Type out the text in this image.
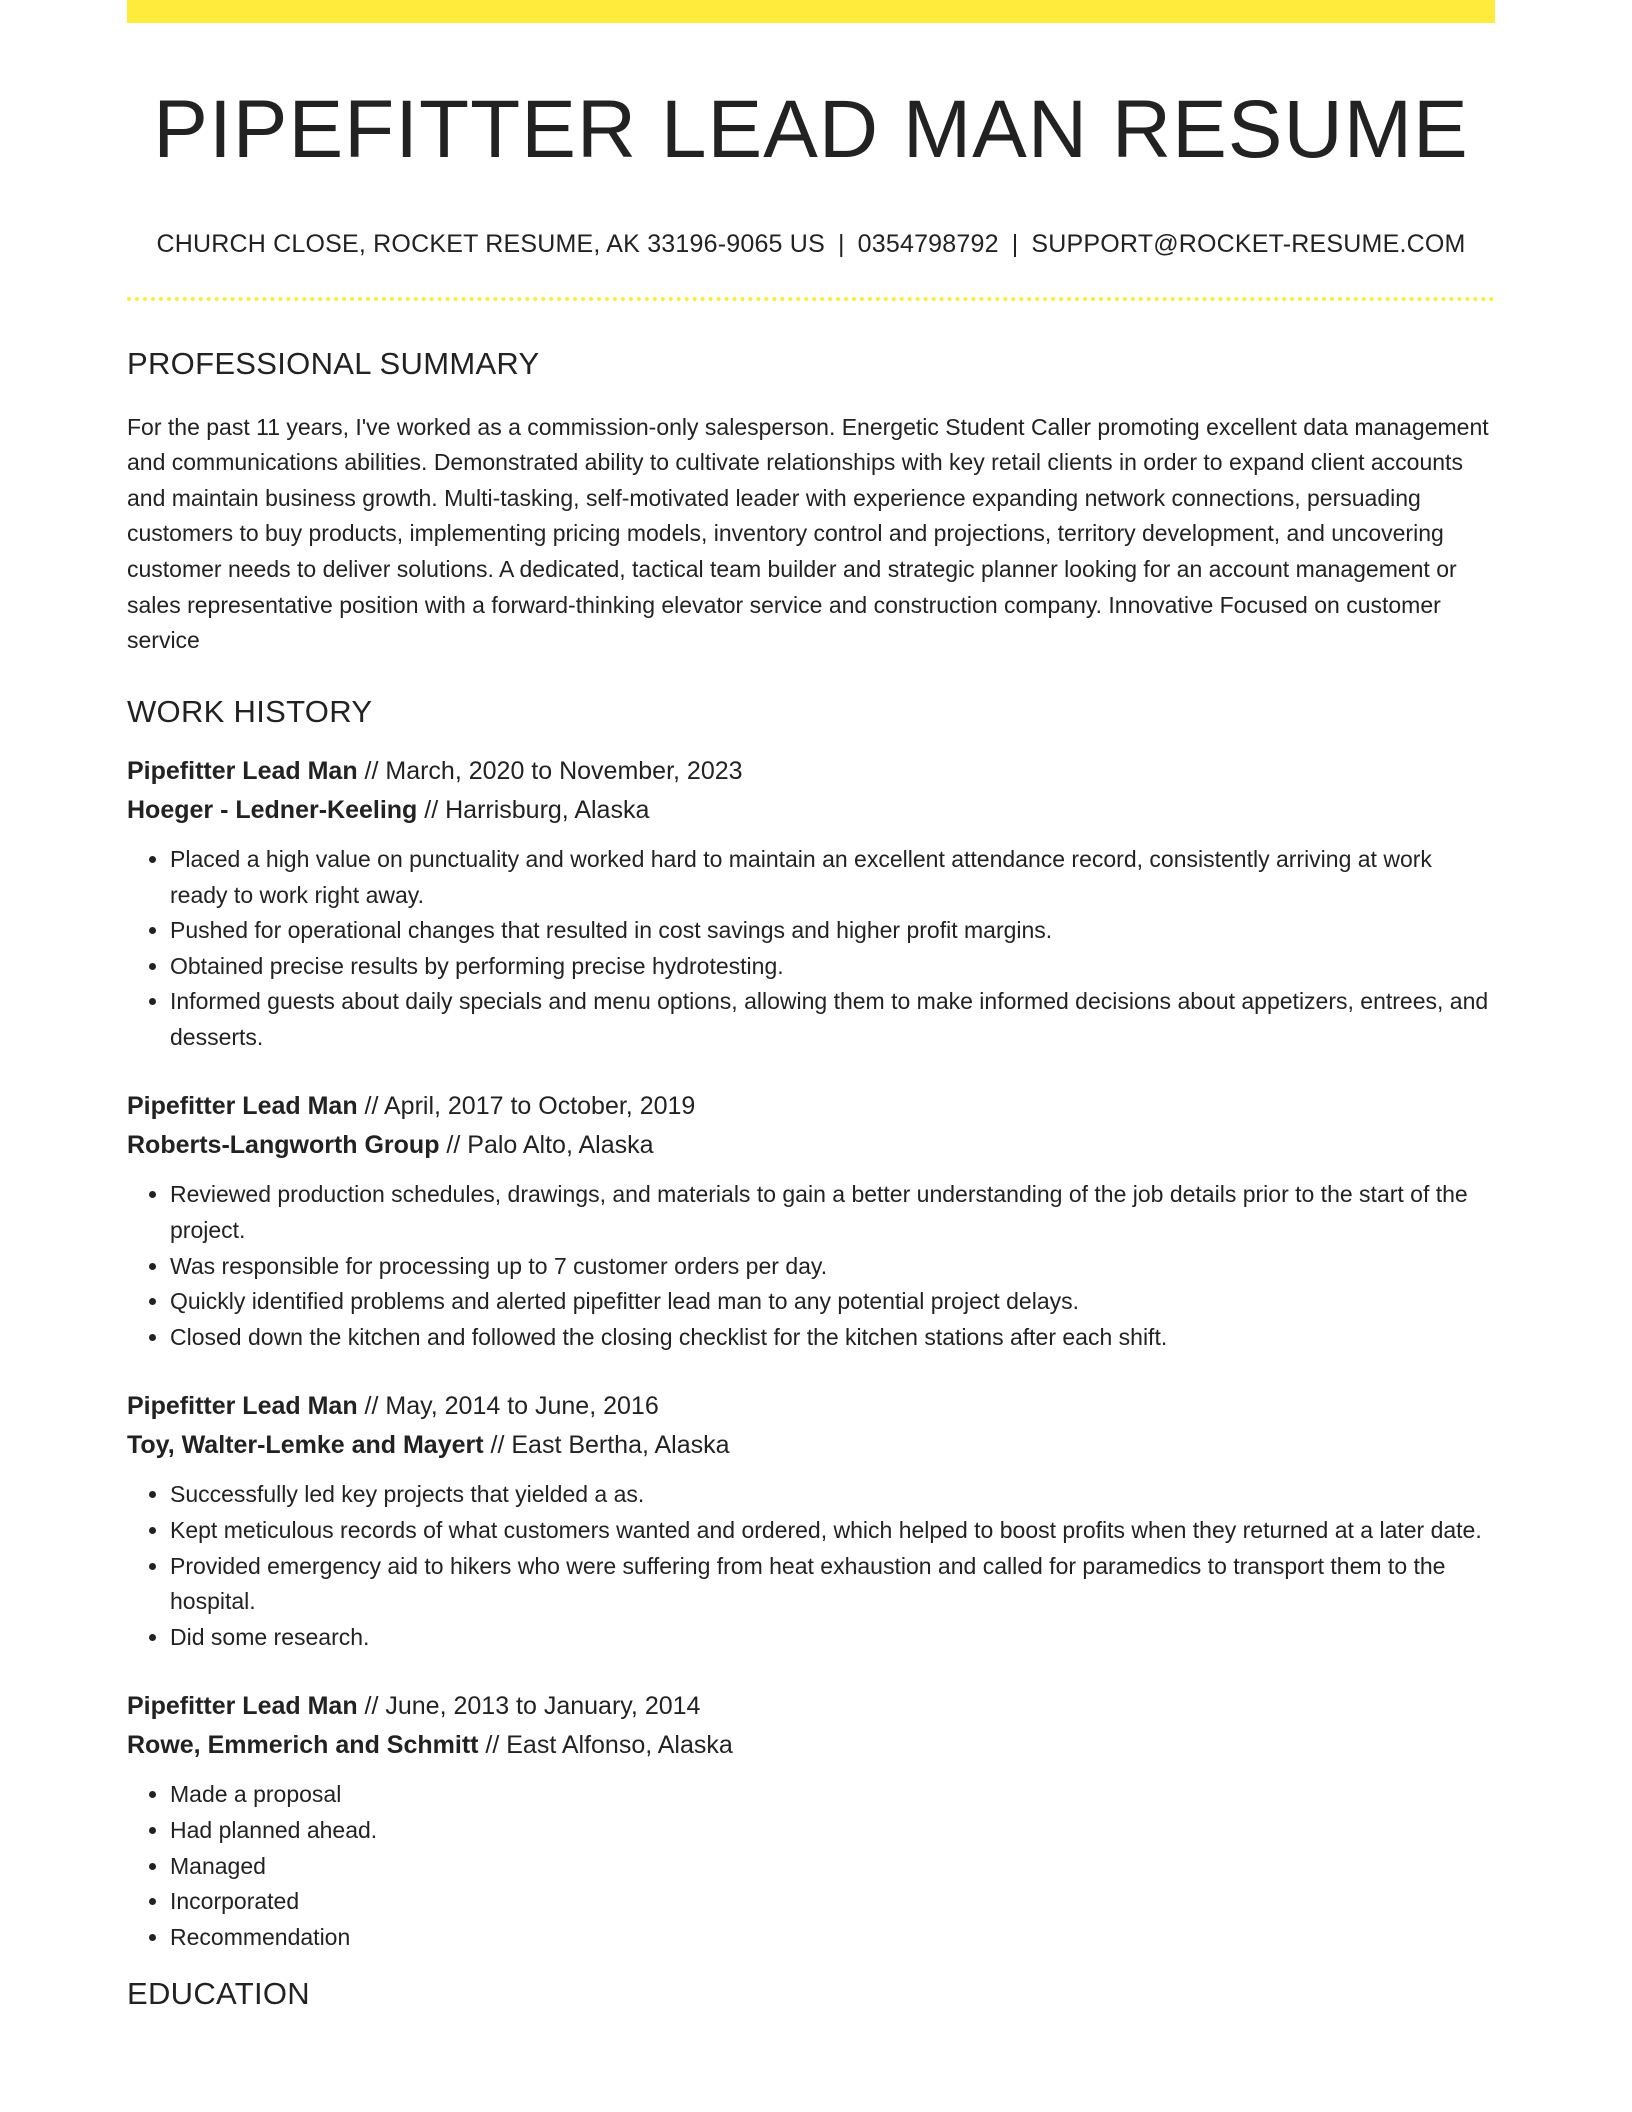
PIPEFITTER LEAD MAN RESUME
CHURCH CLOSE, ROCKET RESUME, AK 33196-9065 US | 0354798792 | SUPPORT@ROCKET-RESUME.COM
PROFESSIONAL SUMMARY

For the past 11 years, I've worked as a commission-only salesperson. Energetic Student Caller promoting excellent data management and communications abilities. Demonstrated ability to cultivate relationships with key retail clients in order to expand client accounts and maintain business growth. Multi-tasking, self-motivated leader with experience expanding network connections, persuading customers to buy products, implementing pricing models, inventory control and projections, territory development, and uncovering customer needs to deliver solutions. A dedicated, tactical team builder and strategic planner looking for an account management or sales representative position with a forward-thinking elevator service and construction company. Innovative Focused on customer service

WORK HISTORY
Pipefitter Lead Man // March, 2020 to November, 2023
Hoeger - Ledner-Keeling // Harrisburg, Alaska
• Placed a high value on punctuality and worked hard to maintain an excellent attendance record, consistently arriving at work ready to work right away.
• Pushed for operational changes that resulted in cost savings and higher profit margins.
• Obtained precise results by performing precise hydrotesting.
• Informed guests about daily specials and menu options, allowing them to make informed decisions about appetizers, entrees, and desserts.
Pipefitter Lead Man // April, 2017 to October, 2019
Roberts-Langworth Group // Palo Alto, Alaska
• Reviewed production schedules, drawings, and materials to gain a better understanding of the job details prior to the start of the project.
• Was responsible for processing up to 7 customer orders per day.
• Quickly identified problems and alerted pipefitter lead man to any potential project delays.
• Closed down the kitchen and followed the closing checklist for the kitchen stations after each shift.
Pipefitter Lead Man // May, 2014 to June, 2016
Toy, Walter-Lemke and Mayert // East Bertha, Alaska
• Successfully led key projects that yielded a as.
• Kept meticulous records of what customers wanted and ordered, which helped to boost profits when they returned at a later date.
• Provided emergency aid to hikers who were suffering from heat exhaustion and called for paramedics to transport them to the hospital.
• Did some research.
Pipefitter Lead Man // June, 2013 to January, 2014
Rowe, Emmerich and Schmitt // East Alfonso, Alaska
• Made a proposal
• Had planned ahead.
• Managed
• Incorporated
• Recommendation
EDUCATION
